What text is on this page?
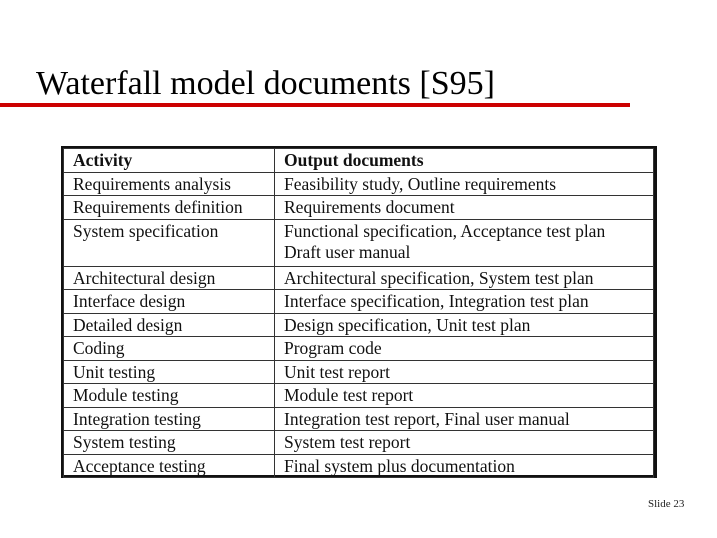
Waterfall model documents [S95]
Activity	Output documents
Requirements analysis	Feasibility study, Outline requirements
Requirements definition	Requirements document
System specification	Functional specification, Acceptance test plan
Draft user manual
Architectural design	Architectural specification, System test plan
Interface design	Interface specification, Integration test plan
Detailed design	Design specification, Unit test plan
Coding	Program code
Unit testing	Unit test report
Module testing	Module test report
Integration testing	Integration test report, Final user manual
System testing	System test report
Acceptance testing	Final system plus documentation
Slide 23
